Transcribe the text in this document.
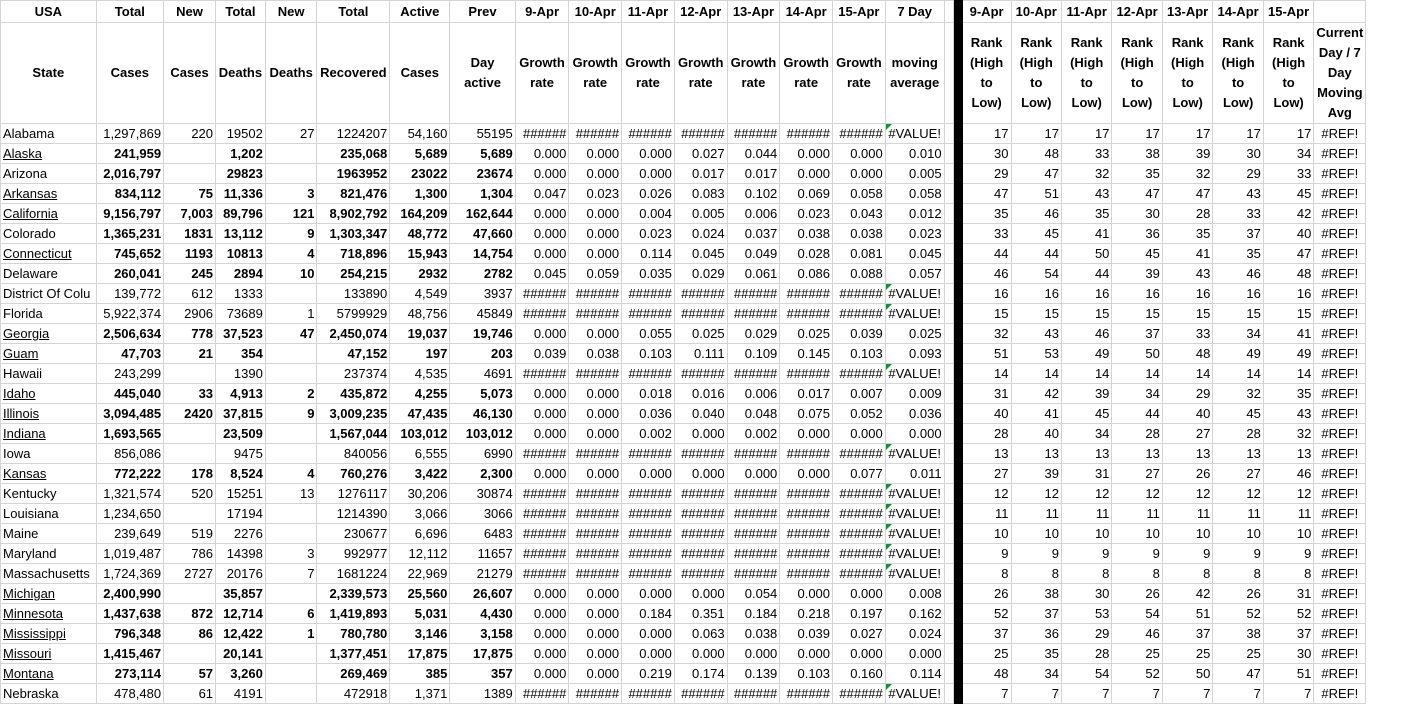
USA	Total	New	Total	New	Total	Active	Prev	9-Apr	10-Apr	11-Apr	12-Apr	13-Apr	14-Apr	15-Apr	7 Day			9-Apr	10-Apr	11-Apr	12-Apr	13-Apr	14-Apr	15-Apr	
State	Cases	Cases	Deaths	Deaths	Recovered	Cases	Day active	Growth rate	Growth rate	Growth rate	Growth rate	Growth rate	Growth rate	Growth rate	moving average			Rank (High to Low)	Rank (High to Low)	Rank (High to Low)	Rank (High to Low)	Rank (High to Low)	Rank (High to Low)	Rank (High to Low)	Current Day / 7 Day Moving Avg
Alabama	1,297,869	220	19502	27	1224207	54,160	55195	######	######	######	######	######	######	######	#VALUE!			17	17	17	17	17	17	17	#REF!
Alaska	241,959		1,202		235,068	5,689	5,689	0.000	0.000	0.000	0.027	0.044	0.000	0.000	0.010			30	48	33	38	39	30	34	#REF!
Arizona	2,016,797		29823		1963952	23022	23674	0.000	0.000	0.000	0.017	0.017	0.000	0.000	0.005			29	47	32	35	32	29	33	#REF!
Arkansas	834,112	75	11,336	3	821,476	1,300	1,304	0.047	0.023	0.026	0.083	0.102	0.069	0.058	0.058			47	51	43	47	47	43	45	#REF!
California	9,156,797	7,003	89,796	121	8,902,792	164,209	162,644	0.000	0.000	0.004	0.005	0.006	0.023	0.043	0.012			35	46	35	30	28	33	42	#REF!
Colorado	1,365,231	1831	13,112	9	1,303,347	48,772	47,660	0.000	0.000	0.023	0.024	0.037	0.038	0.038	0.023			33	45	41	36	35	37	40	#REF!
Connecticut	745,652	1193	10813	4	718,896	15,943	14,754	0.000	0.000	0.114	0.045	0.049	0.028	0.081	0.045			44	44	50	45	41	35	47	#REF!
Delaware	260,041	245	2894	10	254,215	2932	2782	0.045	0.059	0.035	0.029	0.061	0.086	0.088	0.057			46	54	44	39	43	46	48	#REF!
District Of Colu	139,772	612	1333		133890	4,549	3937	######	######	######	######	######	######	######	#VALUE!			16	16	16	16	16	16	16	#REF!
Florida	5,922,374	2906	73689	1	5799929	48,756	45849	######	######	######	######	######	######	######	#VALUE!			15	15	15	15	15	15	15	#REF!
Georgia	2,506,634	778	37,523	47	2,450,074	19,037	19,746	0.000	0.000	0.055	0.025	0.029	0.025	0.039	0.025			32	43	46	37	33	34	41	#REF!
Guam	47,703	21	354		47,152	197	203	0.039	0.038	0.103	0.111	0.109	0.145	0.103	0.093			51	53	49	50	48	49	49	#REF!
Hawaii	243,299		1390		237374	4,535	4691	######	######	######	######	######	######	######	#VALUE!			14	14	14	14	14	14	14	#REF!
Idaho	445,040	33	4,913	2	435,872	4,255	5,073	0.000	0.000	0.018	0.016	0.006	0.017	0.007	0.009			31	42	39	34	29	32	35	#REF!
Illinois	3,094,485	2420	37,815	9	3,009,235	47,435	46,130	0.000	0.000	0.036	0.040	0.048	0.075	0.052	0.036			40	41	45	44	40	45	43	#REF!
Indiana	1,693,565		23,509		1,567,044	103,012	103,012	0.000	0.000	0.002	0.000	0.002	0.000	0.000	0.000			28	40	34	28	27	28	32	#REF!
Iowa	856,086		9475		840056	6,555	6990	######	######	######	######	######	######	######	#VALUE!			13	13	13	13	13	13	13	#REF!
Kansas	772,222	178	8,524	4	760,276	3,422	2,300	0.000	0.000	0.000	0.000	0.000	0.000	0.077	0.011			27	39	31	27	26	27	46	#REF!
Kentucky	1,321,574	520	15251	13	1276117	30,206	30874	######	######	######	######	######	######	######	#VALUE!			12	12	12	12	12	12	12	#REF!
Louisiana	1,234,650		17194		1214390	3,066	3066	######	######	######	######	######	######	######	#VALUE!			11	11	11	11	11	11	11	#REF!
Maine	239,649	519	2276		230677	6,696	6483	######	######	######	######	######	######	######	#VALUE!			10	10	10	10	10	10	10	#REF!
Maryland	1,019,487	786	14398	3	992977	12,112	11657	######	######	######	######	######	######	######	#VALUE!			9	9	9	9	9	9	9	#REF!
Massachusetts	1,724,369	2727	20176	7	1681224	22,969	21279	######	######	######	######	######	######	######	#VALUE!			8	8	8	8	8	8	8	#REF!
Michigan	2,400,990		35,857		2,339,573	25,560	26,607	0.000	0.000	0.000	0.000	0.054	0.000	0.000	0.008			26	38	30	26	42	26	31	#REF!
Minnesota	1,437,638	872	12,714	6	1,419,893	5,031	4,430	0.000	0.000	0.184	0.351	0.184	0.218	0.197	0.162			52	37	53	54	51	52	52	#REF!
Mississippi	796,348	86	12,422	1	780,780	3,146	3,158	0.000	0.000	0.000	0.063	0.038	0.039	0.027	0.024			37	36	29	46	37	38	37	#REF!
Missouri	1,415,467		20,141		1,377,451	17,875	17,875	0.000	0.000	0.000	0.000	0.000	0.000	0.000	0.000			25	35	28	25	25	25	30	#REF!
Montana	273,114	57	3,260		269,469	385	357	0.000	0.000	0.219	0.174	0.139	0.103	0.160	0.114			48	34	54	52	50	47	51	#REF!
Nebraska	478,480	61	4191		472918	1,371	1389	######	######	######	######	######	######	######	#VALUE!			7	7	7	7	7	7	7	#REF!
